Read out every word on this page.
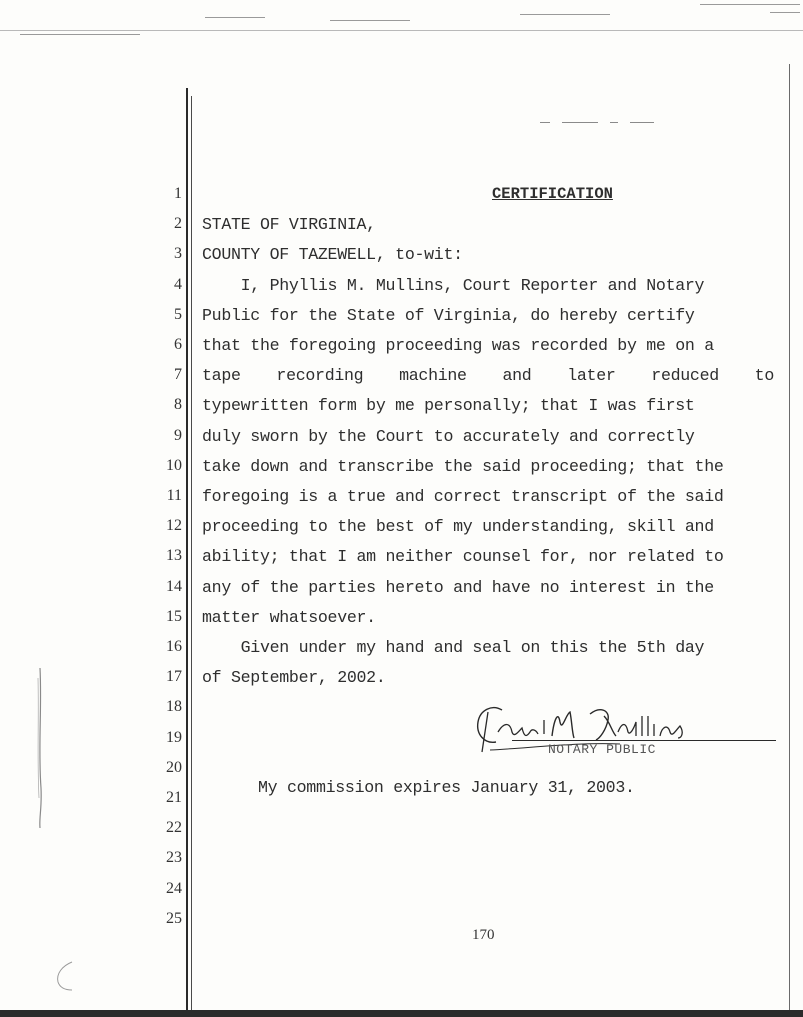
1
2
3
4
5
6
7
8
9
10
11
12
13
14
15
16
17
18
19
20
21
22
23
24
25
CERTIFICATION
STATE OF VIRGINIA,
COUNTY OF TAZEWELL, to-wit:
I, Phyllis M. Mullins, Court Reporter and Notary
Public for the State of Virginia, do hereby certify
that the foregoing proceeding was recorded by me on a
tape recording machine and later reduced to
typewritten form by me personally; that I was first
duly sworn by the Court to accurately and correctly
take down and transcribe the said proceeding; that the
foregoing is a true and correct transcript of the said
proceeding to the best of my understanding, skill and
ability; that I am neither counsel for, nor related to
any of the parties hereto and have no interest in the
matter whatsoever.
Given under my hand and seal on this the 5th day
of September, 2002.
NOTARY PUBLIC
My commission expires January 31, 2003.
170
